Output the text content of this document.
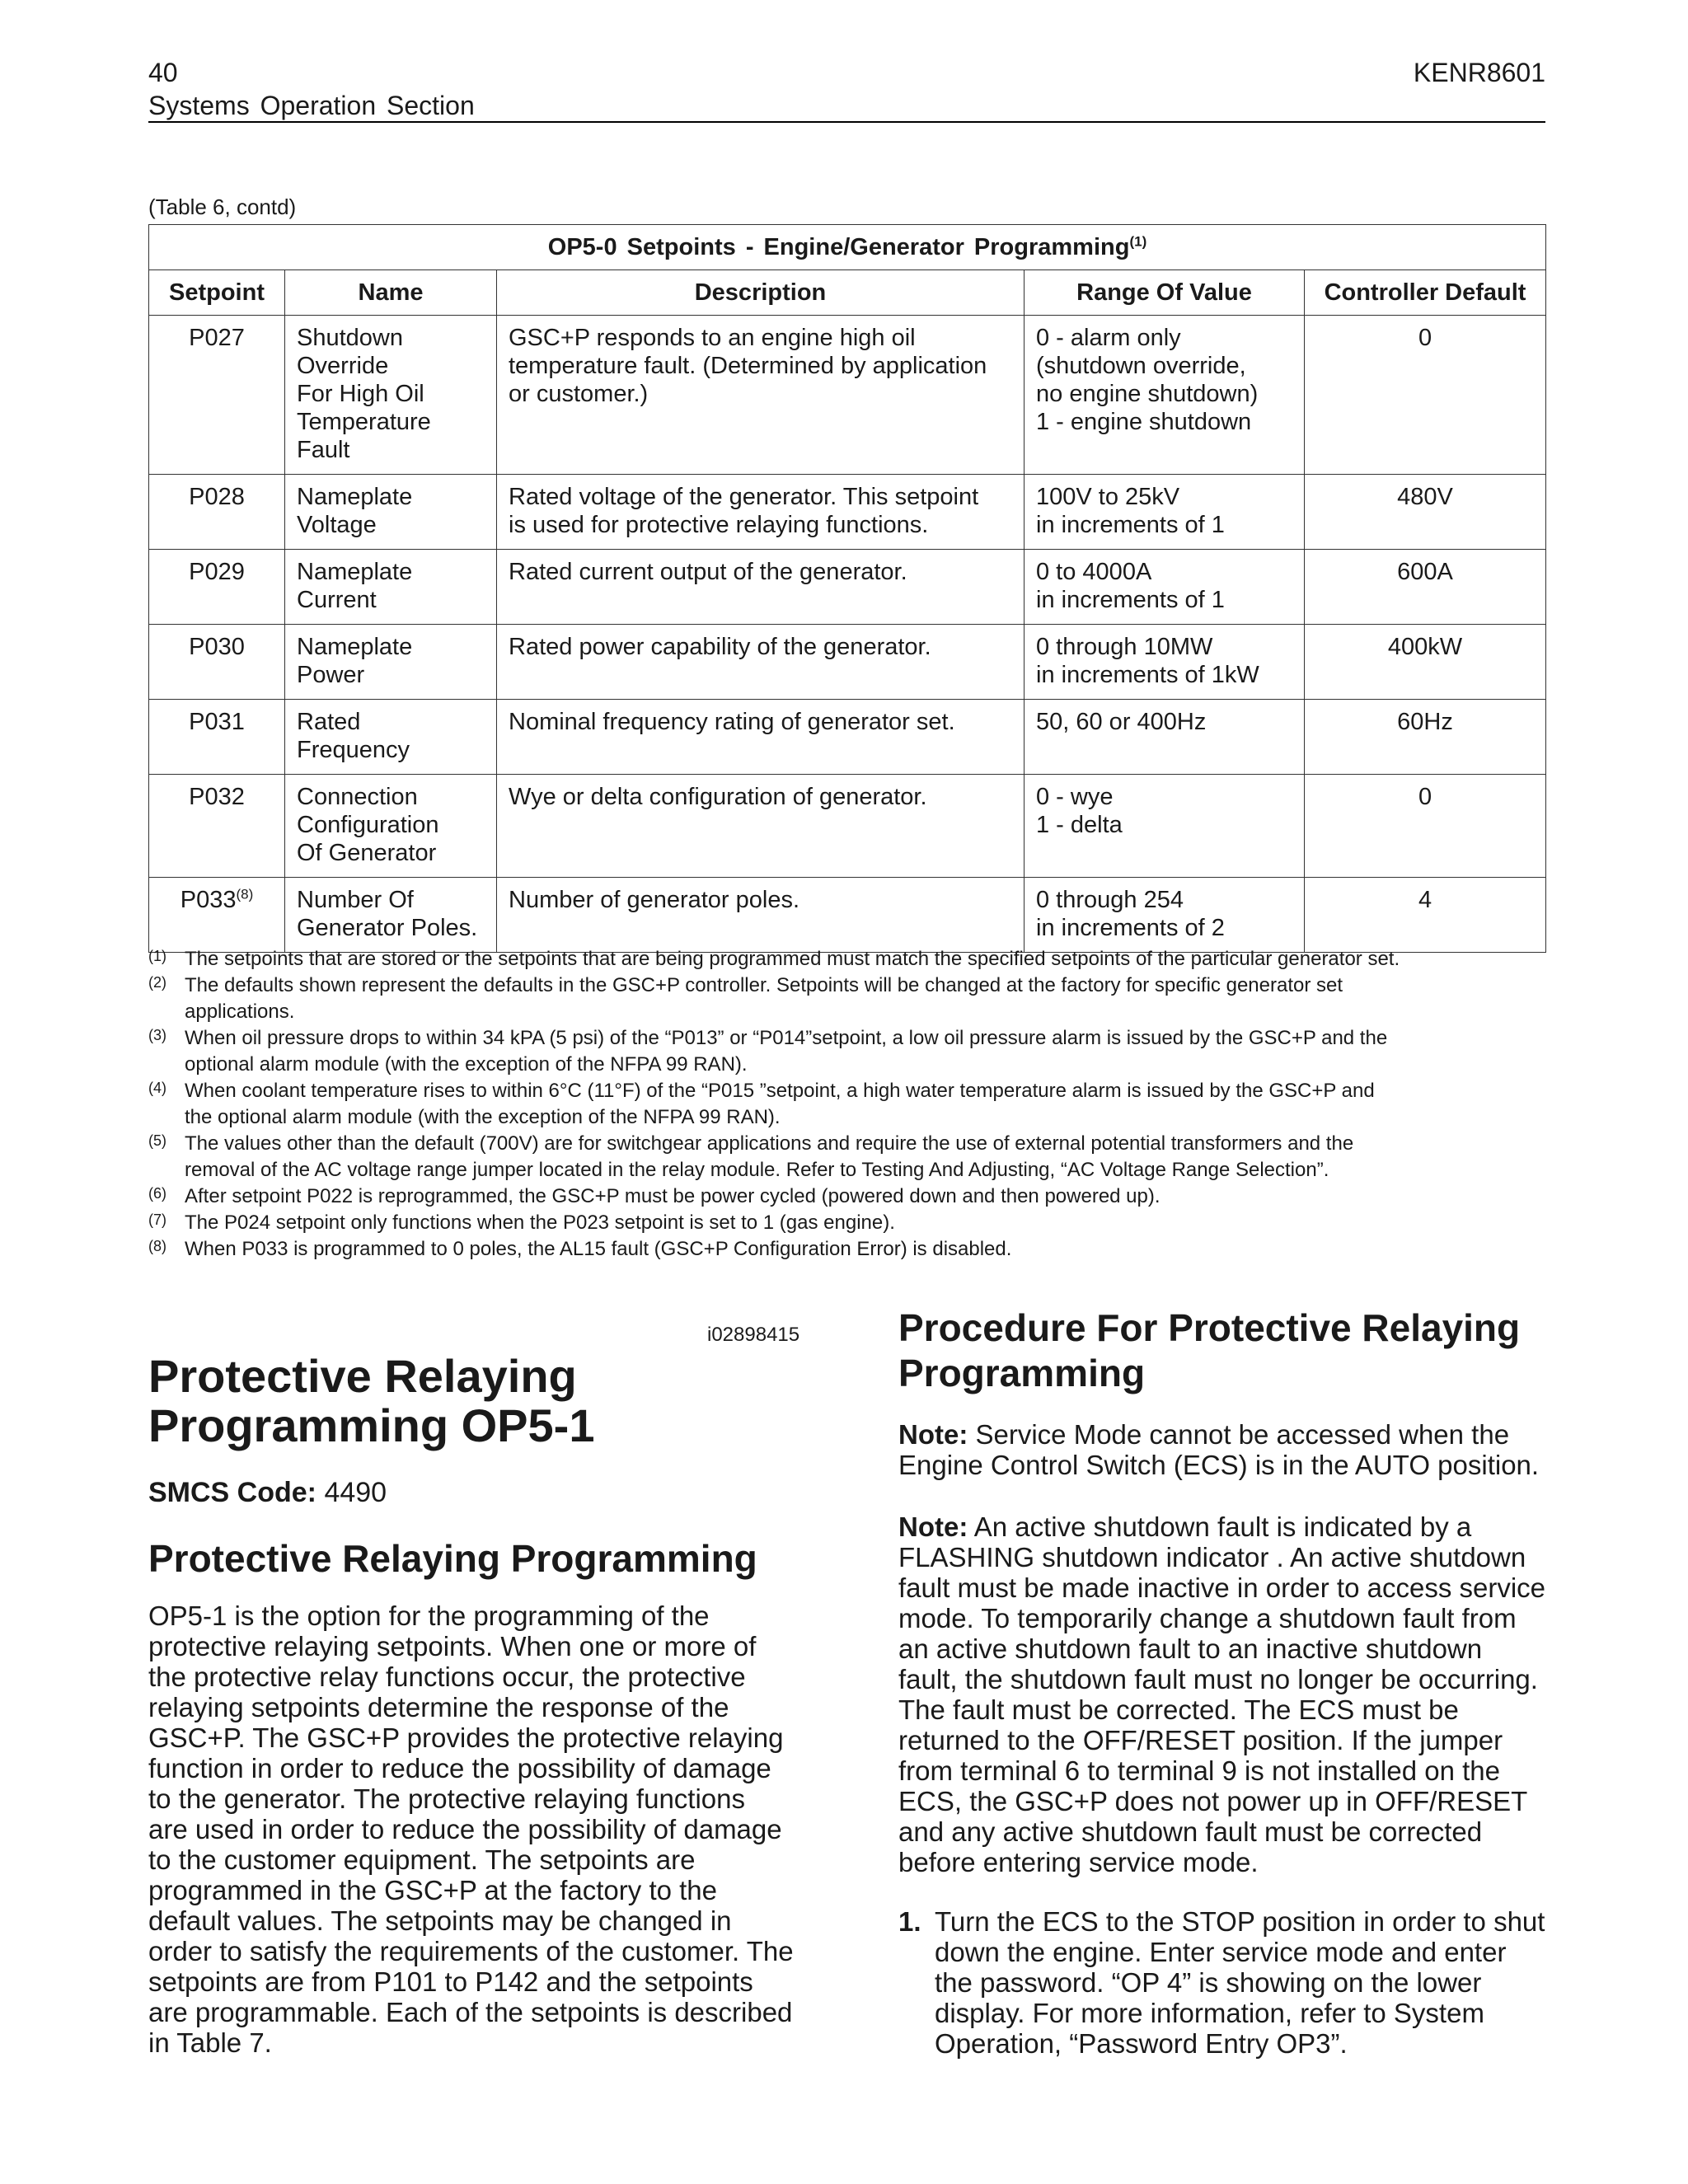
40
Systems Operation Section
KENR8601
(Table 6, contd)
OP5-0 Setpoints - Engine/Generator Programming$^{(1)}$
Setpoint	Name	Description	Range Of Value	Controller Default
P027	Shutdown
Override
For High Oil
Temperature
Fault	GSC+P responds to an engine high oil
temperature fault. (Determined by application
or customer.)	0 - alarm only
(shutdown override,
no engine shutdown)
1 - engine shutdown	0
P028	Nameplate
Voltage	Rated voltage of the generator. This setpoint
is used for protective relaying functions.	100V to 25kV
in increments of 1	480V
P029	Nameplate
Current	Rated current output of the generator.	0 to 4000A
in increments of 1	600A
P030	Nameplate
Power	Rated power capability of the generator.	0 through 10MW
in increments of 1kW	400kW
P031	Rated
Frequency	Nominal frequency rating of generator set.	50, 60 or 400Hz	60Hz
P032	Connection
Configuration
Of Generator	Wye or delta configuration of generator.	0 - wye
1 - delta	0
P033$^{(8)}$	Number Of
Generator Poles.	Number of generator poles.	0 through 254
in increments of 2	4
(1) The setpoints that are stored or the setpoints that are being programmed must match the specified setpoints of the particular generator set.
(2) The defaults shown represent the defaults in the GSC+P controller. Setpoints will be changed at the factory for specific generator set
applications.
(3) When oil pressure drops to within 34 kPA (5 psi) of the “P013” or “P014”setpoint, a low oil pressure alarm is issued by the GSC+P and the
optional alarm module (with the exception of the NFPA 99 RAN).
(4) When coolant temperature rises to within 6°C (11°F) of the “P015 ”setpoint, a high water temperature alarm is issued by the GSC+P and
the optional alarm module (with the exception of the NFPA 99 RAN).
(5) The values other than the default (700V) are for switchgear applications and require the use of external potential transformers and the
removal of the AC voltage range jumper located in the relay module. Refer to Testing And Adjusting, “AC Voltage Range Selection”.
(6) After setpoint P022 is reprogrammed, the GSC+P must be power cycled (powered down and then powered up).
(7) The P024 setpoint only functions when the P023 setpoint is set to 1 (gas engine).
(8) When P033 is programmed to 0 poles, the AL15 fault (GSC+P Configuration Error) is disabled.
i02898415
Protective Relaying
Programming OP5-1
SMCS Code: 4490
Protective Relaying Programming
OP5-1 is the option for the programming of the
protective relaying setpoints. When one or more of
the protective relay functions occur, the protective
relaying setpoints determine the response of the
GSC+P. The GSC+P provides the protective relaying
function in order to reduce the possibility of damage
to the generator. The protective relaying functions
are used in order to reduce the possibility of damage
to the customer equipment. The setpoints are
programmed in the GSC+P at the factory to the
default values. The setpoints may be changed in
order to satisfy the requirements of the customer. The
setpoints are from P101 to P142 and the setpoints
are programmable. Each of the setpoints is described
in Table 7.
Procedure For Protective Relaying
Programming
Note: Service Mode cannot be accessed when the
Engine Control Switch (ECS) is in the AUTO position.
Note: An active shutdown fault is indicated by a
FLASHING shutdown indicator . An active shutdown
fault must be made inactive in order to access service
mode. To temporarily change a shutdown fault from
an active shutdown fault to an inactive shutdown
fault, the shutdown fault must no longer be occurring.
The fault must be corrected. The ECS must be
returned to the OFF/RESET position. If the jumper
from terminal 6 to terminal 9 is not installed on the
ECS, the GSC+P does not power up in OFF/RESET
and any active shutdown fault must be corrected
before entering service mode.
1. Turn the ECS to the STOP position in order to shut
down the engine. Enter service mode and enter
the password. “OP 4” is showing on the lower
display. For more information, refer to System
Operation, “Password Entry OP3”.
